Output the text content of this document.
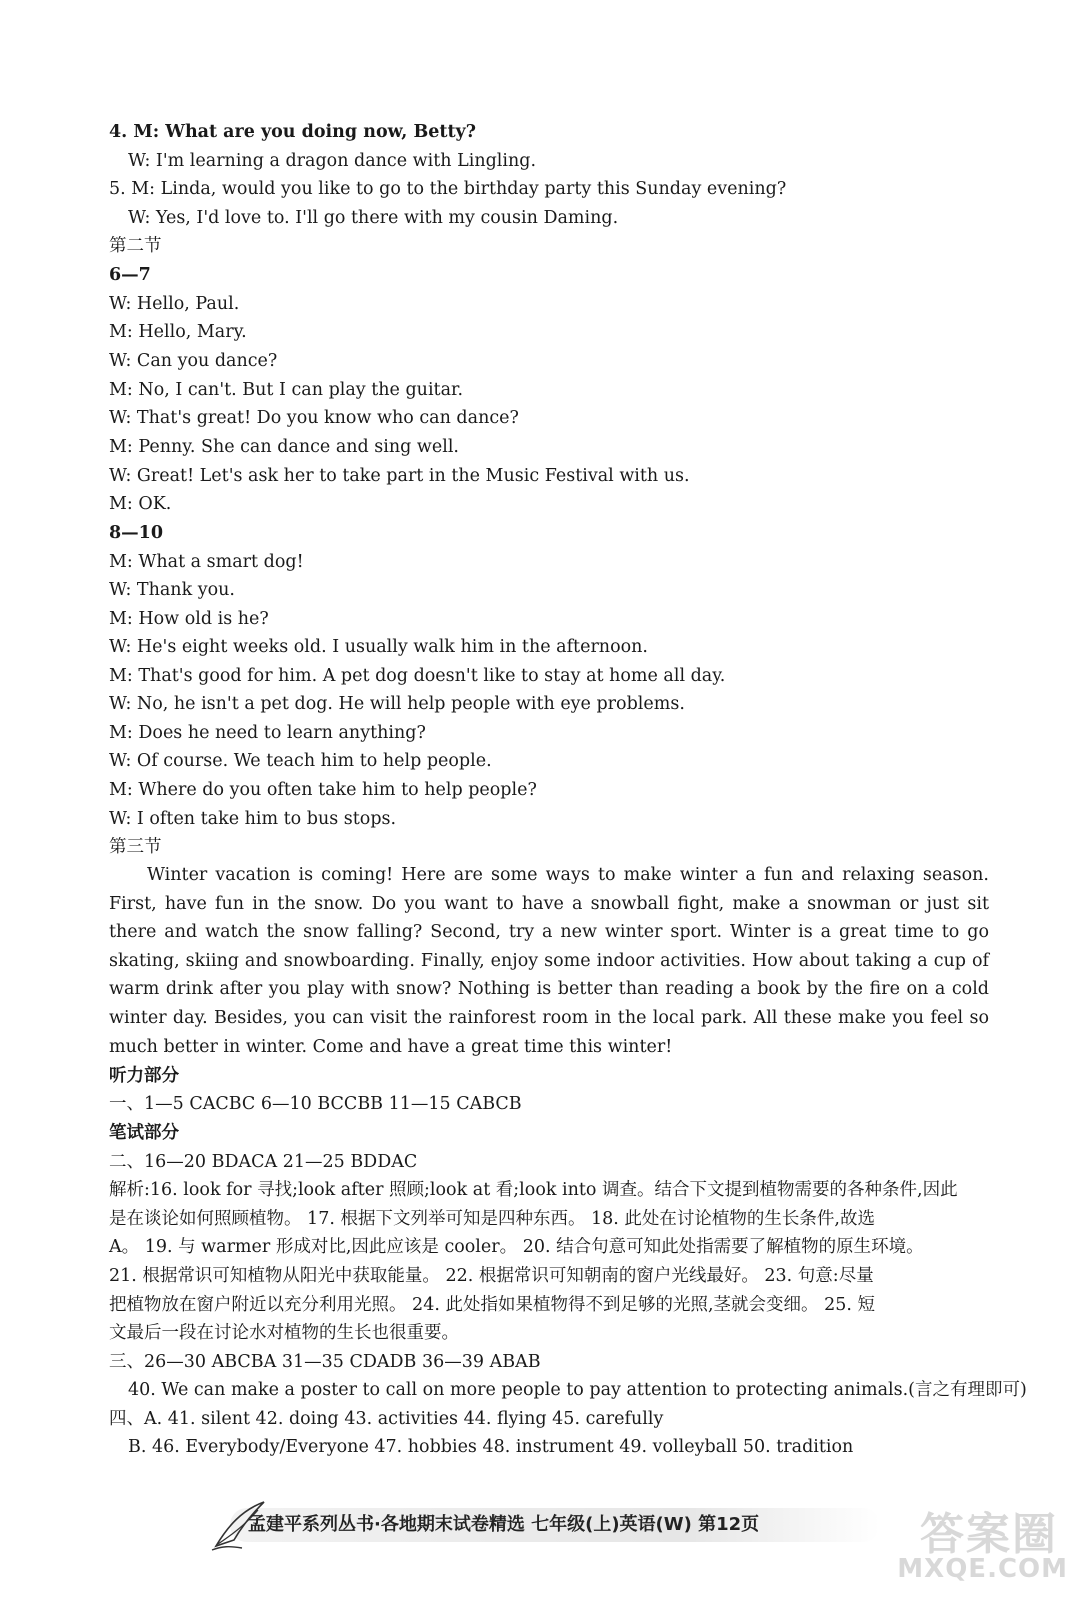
4. M: What are you doing now, Betty?
W: I'm learning a dragon dance with Lingling.
5. M: Linda, would you like to go to the birthday party this Sunday evening?
W: Yes, I'd love to. I'll go there with my cousin Daming.
第二节
6—7
W: Hello, Paul.
M: Hello, Mary.
W: Can you dance?
M: No, I can't. But I can play the guitar.
W: That's great! Do you know who can dance?
M: Penny. She can dance and sing well.
W: Great! Let's ask her to take part in the Music Festival with us.
M: OK.
8—10
M: What a smart dog!
W: Thank you.
M: How old is he?
W: He's eight weeks old. I usually walk him in the afternoon.
M: That's good for him. A pet dog doesn't like to stay at home all day.
W: No, he isn't a pet dog. He will help people with eye problems.
M: Does he need to learn anything?
W: Of course. We teach him to help people.
M: Where do you often take him to help people?
W: I often take him to bus stops.
第三节
Winter vacation is coming! Here are some ways to make winter a fun and relaxing season. First, have fun in the snow. Do you want to have a snowball fight, make a snowman or just sit there and watch the snow falling? Second, try a new winter sport. Winter is a great time to go skating, skiing and snowboarding. Finally, enjoy some indoor activities. How about taking a cup of warm drink after you play with snow? Nothing is better than reading a book by the fire on a cold winter day. Besides, you can visit the rainforest room in the local park. All these make you feel so much better in winter. Come and have a great time this winter!
听力部分
一、1—5 CACBC 6—10 BCCBB 11—15 CABCB
笔试部分
二、16—20 BDACA 21—25 BDDAC
解析:16. look for 寻找;look after 照顾;look at 看;look into 调查。结合下文提到植物需要的各种条件,因此
是在谈论如何照顾植物。 17. 根据下文列举可知是四种东西。 18. 此处在讨论植物的生长条件,故选
A。 19. 与 warmer 形成对比,因此应该是 cooler。 20. 结合句意可知此处指需要了解植物的原生环境。
21. 根据常识可知植物从阳光中获取能量。 22. 根据常识可知朝南的窗户光线最好。 23. 句意:尽量
把植物放在窗户附近以充分利用光照。 24. 此处指如果植物得不到足够的光照,茎就会变细。 25. 短
文最后一段在讨论水对植物的生长也很重要。
三、26—30 ABCBA 31—35 CDADB 36—39 ABAB
40. We can make a poster to call on more people to pay attention to protecting animals.(言之有理即可)
四、A. 41. silent 42. doing 43. activities 44. flying 45. carefully
B. 46. Everybody/Everyone 47. hobbies 48. instrument 49. volleyball 50. tradition
孟建平系列丛书·各地期末试卷精选 七年级(上)英语(W) 第12页	答案圈
MXQE.COM
